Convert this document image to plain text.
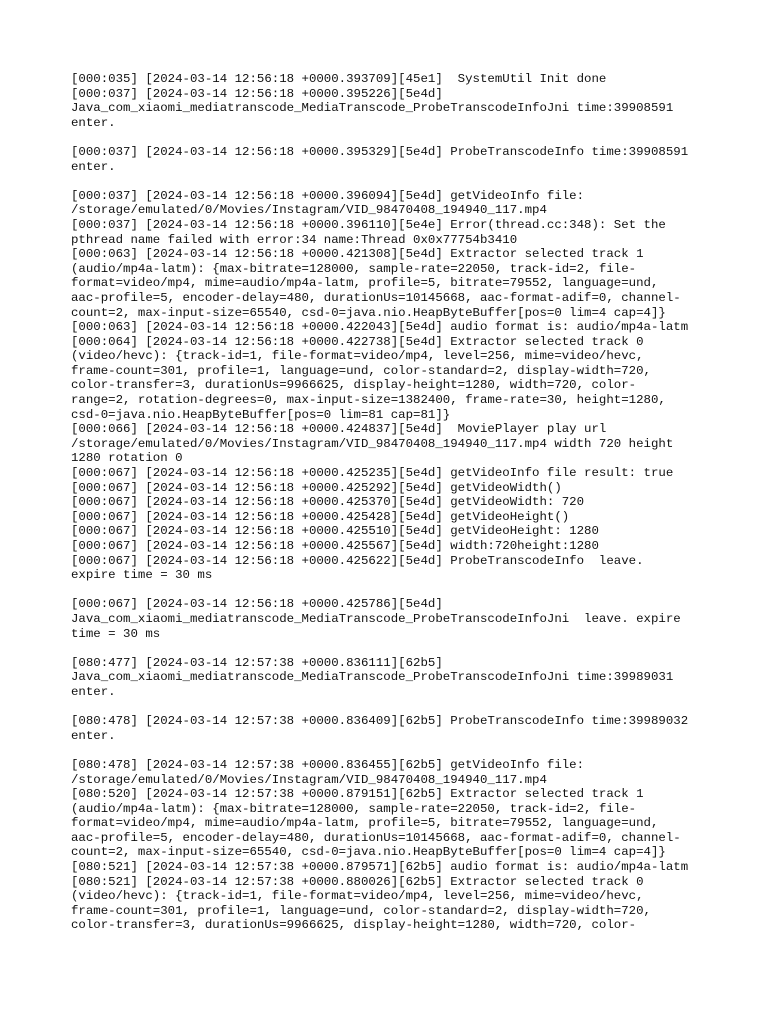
[000:035] [2024-03-14 12:56:18 +0000.393709][45e1]  SystemUtil Init done
[000:037] [2024-03-14 12:56:18 +0000.395226][5e4d]
Java_com_xiaomi_mediatranscode_MediaTranscode_ProbeTranscodeInfoJni time:39908591
enter.
[000:037] [2024-03-14 12:56:18 +0000.395329][5e4d] ProbeTranscodeInfo time:39908591
enter.
[000:037] [2024-03-14 12:56:18 +0000.396094][5e4d] getVideoInfo file:
/storage/emulated/0/Movies/Instagram/VID_98470408_194940_117.mp4
[000:037] [2024-03-14 12:56:18 +0000.396110][5e4e] Error(thread.cc:348): Set the
pthread name failed with error:34 name:Thread 0x0x77754b3410
[000:063] [2024-03-14 12:56:18 +0000.421308][5e4d] Extractor selected track 1
(audio/mp4a-latm): {max-bitrate=128000, sample-rate=22050, track-id=2, file-
format=video/mp4, mime=audio/mp4a-latm, profile=5, bitrate=79552, language=und,
aac-profile=5, encoder-delay=480, durationUs=10145668, aac-format-adif=0, channel-
count=2, max-input-size=65540, csd-0=java.nio.HeapByteBuffer[pos=0 lim=4 cap=4]}
[000:063] [2024-03-14 12:56:18 +0000.422043][5e4d] audio format is: audio/mp4a-latm
[000:064] [2024-03-14 12:56:18 +0000.422738][5e4d] Extractor selected track 0
(video/hevc): {track-id=1, file-format=video/mp4, level=256, mime=video/hevc,
frame-count=301, profile=1, language=und, color-standard=2, display-width=720,
color-transfer=3, durationUs=9966625, display-height=1280, width=720, color-
range=2, rotation-degrees=0, max-input-size=1382400, frame-rate=30, height=1280,
csd-0=java.nio.HeapByteBuffer[pos=0 lim=81 cap=81]}
[000:066] [2024-03-14 12:56:18 +0000.424837][5e4d]  MoviePlayer play url
/storage/emulated/0/Movies/Instagram/VID_98470408_194940_117.mp4 width 720 height
1280 rotation 0
[000:067] [2024-03-14 12:56:18 +0000.425235][5e4d] getVideoInfo file result: true
[000:067] [2024-03-14 12:56:18 +0000.425292][5e4d] getVideoWidth()
[000:067] [2024-03-14 12:56:18 +0000.425370][5e4d] getVideoWidth: 720
[000:067] [2024-03-14 12:56:18 +0000.425428][5e4d] getVideoHeight()
[000:067] [2024-03-14 12:56:18 +0000.425510][5e4d] getVideoHeight: 1280
[000:067] [2024-03-14 12:56:18 +0000.425567][5e4d] width:720height:1280
[000:067] [2024-03-14 12:56:18 +0000.425622][5e4d] ProbeTranscodeInfo  leave.
expire time = 30 ms
[000:067] [2024-03-14 12:56:18 +0000.425786][5e4d]
Java_com_xiaomi_mediatranscode_MediaTranscode_ProbeTranscodeInfoJni  leave. expire
time = 30 ms
[080:477] [2024-03-14 12:57:38 +0000.836111][62b5]
Java_com_xiaomi_mediatranscode_MediaTranscode_ProbeTranscodeInfoJni time:39989031
enter.
[080:478] [2024-03-14 12:57:38 +0000.836409][62b5] ProbeTranscodeInfo time:39989032
enter.
[080:478] [2024-03-14 12:57:38 +0000.836455][62b5] getVideoInfo file:
/storage/emulated/0/Movies/Instagram/VID_98470408_194940_117.mp4
[080:520] [2024-03-14 12:57:38 +0000.879151][62b5] Extractor selected track 1
(audio/mp4a-latm): {max-bitrate=128000, sample-rate=22050, track-id=2, file-
format=video/mp4, mime=audio/mp4a-latm, profile=5, bitrate=79552, language=und,
aac-profile=5, encoder-delay=480, durationUs=10145668, aac-format-adif=0, channel-
count=2, max-input-size=65540, csd-0=java.nio.HeapByteBuffer[pos=0 lim=4 cap=4]}
[080:521] [2024-03-14 12:57:38 +0000.879571][62b5] audio format is: audio/mp4a-latm
[080:521] [2024-03-14 12:57:38 +0000.880026][62b5] Extractor selected track 0
(video/hevc): {track-id=1, file-format=video/mp4, level=256, mime=video/hevc,
frame-count=301, profile=1, language=und, color-standard=2, display-width=720,
color-transfer=3, durationUs=9966625, display-height=1280, width=720, color-
